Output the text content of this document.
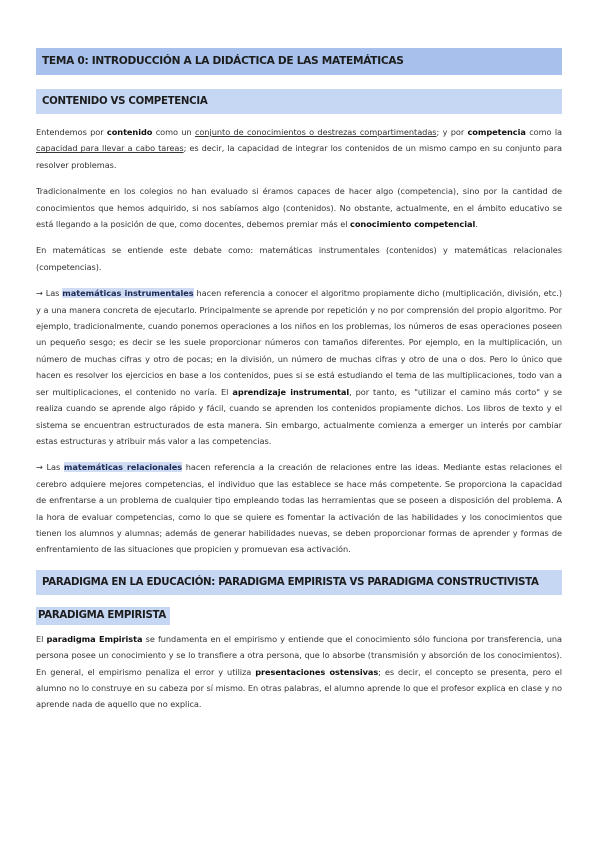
TEMA 0: INTRODUCCIÓN A LA DIDÁCTICA DE LAS MATEMÁTICAS
CONTENIDO VS COMPETENCIA

Entendemos por contenido como un conjunto de conocimientos o destrezas compartimentadas; y por competencia como la capacidad para llevar a cabo tareas; es decir, la capacidad de integrar los contenidos de un mismo campo en su conjunto para resolver problemas.

Tradicionalmente en los colegios no han evaluado si éramos capaces de hacer algo (competencia), sino por la cantidad de conocimientos que hemos adquirido, si nos sabíamos algo (contenidos). No obstante, actualmente, en el ámbito educativo se está llegando a la posición de que, como docentes, debemos premiar más el conocimiento competencial.

En matemáticas se entiende este debate como: matemáticas instrumentales (contenidos) y matemáticas relacionales (competencias).

→ Las matemáticas instrumentales hacen referencia a conocer el algoritmo propiamente dicho (multiplicación, división, etc.) y a una manera concreta de ejecutarlo. Principalmente se aprende por repetición y no por comprensión del propio algoritmo. Por ejemplo, tradicionalmente, cuando ponemos operaciones a los niños en los problemas, los números de esas operaciones poseen un pequeño sesgo; es decir se les suele proporcionar números con tamaños diferentes. Por ejemplo, en la multiplicación, un número de muchas cifras y otro de pocas; en la división, un número de muchas cifras y otro de una o dos. Pero lo único que hacen es resolver los ejercicios en base a los contenidos, pues si se está estudiando el tema de las multiplicaciones, todo van a ser multiplicaciones, el contenido no varía. El aprendizaje instrumental, por tanto, es "utilizar el camino más corto" y se realiza cuando se aprende algo rápido y fácil, cuando se aprenden los contenidos propiamente dichos. Los libros de texto y el sistema se encuentran estructurados de esta manera. Sin embargo, actualmente comienza a emerger un interés por cambiar estas estructuras y atribuir más valor a las competencias.

→ Las matemáticas relacionales hacen referencia a la creación de relaciones entre las ideas. Mediante estas relaciones el cerebro adquiere mejores competencias, el individuo que las establece se hace más competente. Se proporciona la capacidad de enfrentarse a un problema de cualquier tipo empleando todas las herramientas que se poseen a disposición del problema. A la hora de evaluar competencias, como lo que se quiere es fomentar la activación de las habilidades y los conocimientos que tienen los alumnos y alumnas; además de generar habilidades nuevas, se deben proporcionar formas de aprender y formas de enfrentamiento de las situaciones que propicien y promuevan esa activación.

PARADIGMA EN LA EDUCACIÓN: PARADIGMA EMPIRISTA VS PARADIGMA CONSTRUCTIVISTA
PARADIGMA EMPIRISTA

El paradigma Empirista se fundamenta en el empirismo y entiende que el conocimiento sólo funciona por transferencia, una persona posee un conocimiento y se lo transfiere a otra persona, que lo absorbe (transmisión y absorción de los conocimientos). En general, el empirismo penaliza el error y utiliza presentaciones ostensivas; es decir, el concepto se presenta, pero el alumno no lo construye en su cabeza por sí mismo. En otras palabras, el alumno aprende lo que el profesor explica en clase y no aprende nada de aquello que no explica.
